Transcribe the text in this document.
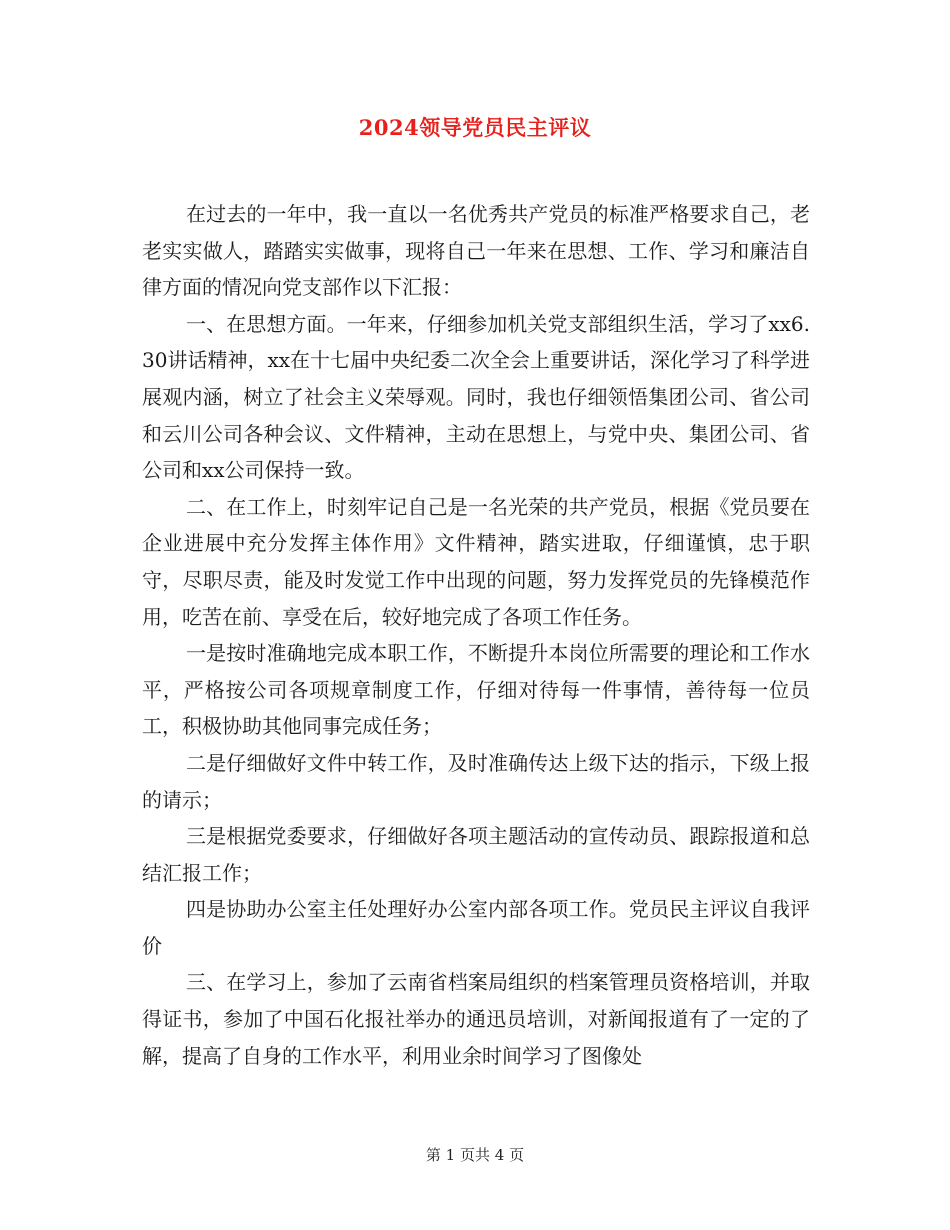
2024领导党员民主评议

在过去的一年中，我一直以一名优秀共产党员的标准严格要求自己，老老实实做人，踏踏实实做事，现将自己一年来在思想、工作、学习和廉洁自律方面的情况向党支部作以下汇报：

一、在思想方面。一年来，仔细参加机关党支部组织生活，学习了xx6.30讲话精神，xx在十七届中央纪委二次全会上重要讲话，深化学习了科学进展观内涵，树立了社会主义荣辱观。同时，我也仔细领悟集团公司、省公司和云川公司各种会议、文件精神，主动在思想上，与党中央、集团公司、省公司和xx公司保持一致。

二、在工作上，时刻牢记自己是一名光荣的共产党员，根据《党员要在企业进展中充分发挥主体作用》文件精神，踏实进取，仔细谨慎，忠于职守，尽职尽责，能及时发觉工作中出现的问题，努力发挥党员的先锋模范作用，吃苦在前、享受在后，较好地完成了各项工作任务。

一是按时准确地完成本职工作，不断提升本岗位所需要的理论和工作水平，严格按公司各项规章制度工作，仔细对待每一件事情，善待每一位员工，积极协助其他同事完成任务；

二是仔细做好文件中转工作，及时准确传达上级下达的指示，下级上报的请示；

三是根据党委要求，仔细做好各项主题活动的宣传动员、跟踪报道和总结汇报工作；

四是协助办公室主任处理好办公室内部各项工作。党员民主评议自我评价

三、在学习上，参加了云南省档案局组织的档案管理员资格培训，并取得证书，参加了中国石化报社举办的通迅员培训，对新闻报道有了一定的了解，提高了自身的工作水平，利用业余时间学习了图像处

第 1 页共 4 页
